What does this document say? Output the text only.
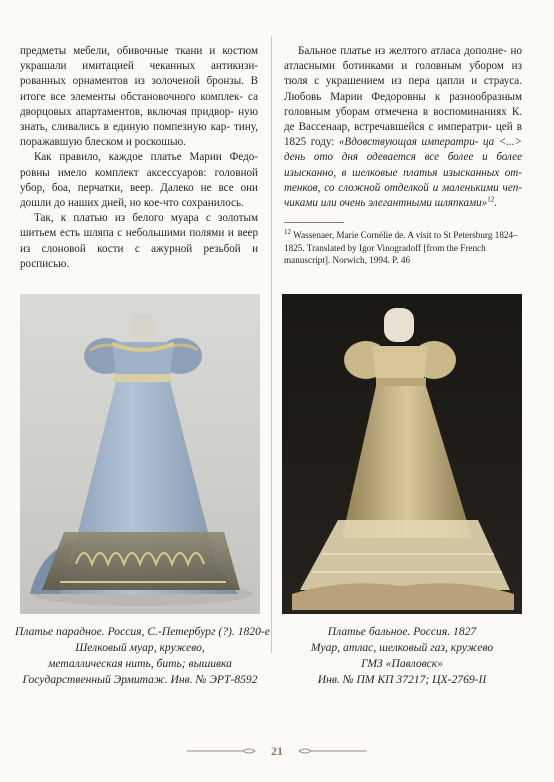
предметы мебели, обивочные ткани и костюм украшали имитацией чеканных антикизи- рованных орнаментов из золоченой бронзы. В итоге все элементы обстановочного комплек- са дворцовых апартаментов, включая придвор- ную знать, сливались в единую помпезную кар- тину, поражавшую блеском и роскошью.

Как правило, каждое платье Марии Федо- ровны имело комплект аксессуаров: головной убор, боа, перчатки, веер. Далеко не все они дошли до наших дней, но кое-что сохранилось.

Так, к платью из белого муара с золотым шитьем есть шляпа с небольшими полями и веер из слоновой кости с ажурной резьбой и росписью.

Бальное платье из желтого атласа дополне- но атласными ботинками и головным убором из тюля с украшением из пера цапли и страуса. Любовь Марии Федоровны к разнообразным головным уборам отмечена в воспоминаниях К. де Вассенаар, встречавшейся с императри- цей в 1825 году: «Вдовствующая императри- ца <...> день ото дня одевается все более и более изысканно, в шелковые платья изысканных от- тенков, со сложной отделкой и маленькими чеп- чиками или очень элегантными шляпками»$^{12}$.

$^{12}$ Wassenaer, Marie Cornélie de. A visit to St Petersburg 1824–1825. Translated by Igor Vinogradoff [from the French manuscript]. Norwich, 1994. P. 46
Платье парадное. Россия, С.-Петербург (?). 1820-е
Шелковый муар, кружево,
металлическая нить, бить; вышивка
Государственный Эрмитаж. Инв. № ЭРТ-8592
Платье бальное. Россия. 1827
Муар, атлас, шелковый газ, кружево
ГМЗ «Павловск»
Инв. № ПМ КП 37217; ЦХ-2769-II
21
